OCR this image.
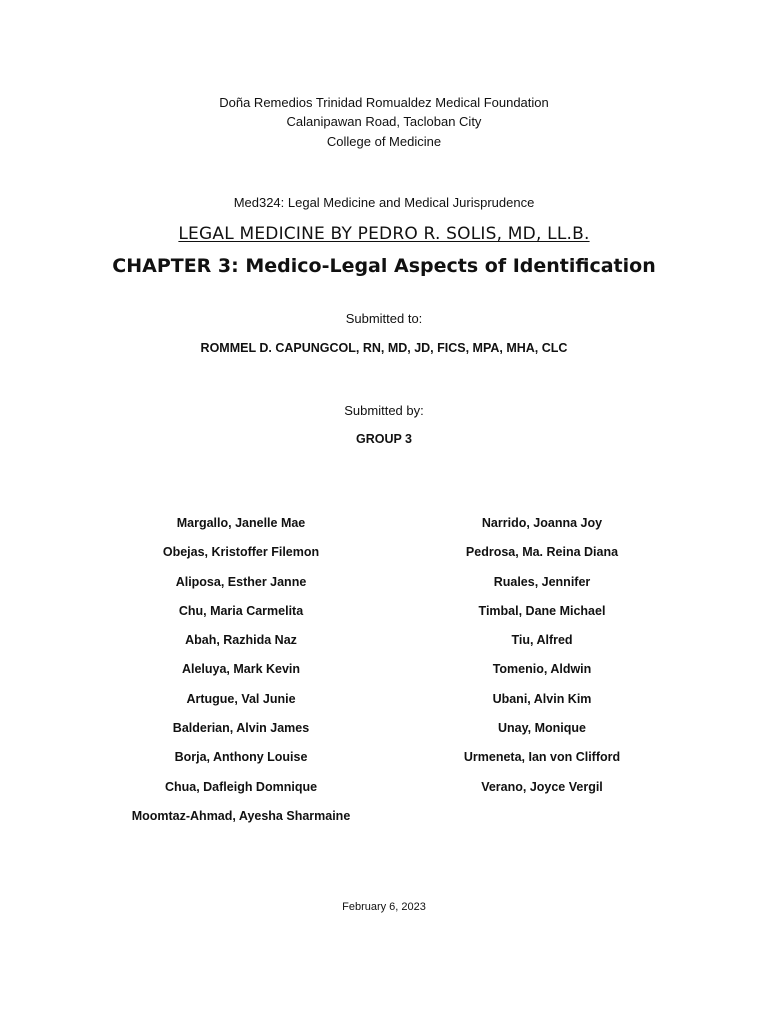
Doña Remedios Trinidad Romualdez Medical Foundation
Calanipawan Road, Tacloban City
College of Medicine
Med324: Legal Medicine and Medical Jurisprudence
LEGAL MEDICINE BY PEDRO R. SOLIS, MD, LL.B.
CHAPTER 3: Medico-Legal Aspects of Identification
Submitted to:
ROMMEL D. CAPUNGCOL, RN, MD, JD, FICS, MPA, MHA, CLC
Submitted by:
GROUP 3
Margallo, Janelle Mae
Obejas, Kristoffer Filemon
Aliposa, Esther Janne
Chu, Maria Carmelita
Abah, Razhida Naz
Aleluya, Mark Kevin
Artugue, Val Junie
Balderian, Alvin James
Borja, Anthony Louise
Chua, Dafleigh Domnique
Moomtaz-Ahmad, Ayesha Sharmaine
Narrido, Joanna Joy
Pedrosa, Ma. Reina Diana
Ruales, Jennifer
Timbal, Dane Michael
Tiu, Alfred
Tomenio, Aldwin
Ubani, Alvin Kim
Unay, Monique
Urmeneta, Ian von Clifford
Verano, Joyce Vergil
February 6, 2023
